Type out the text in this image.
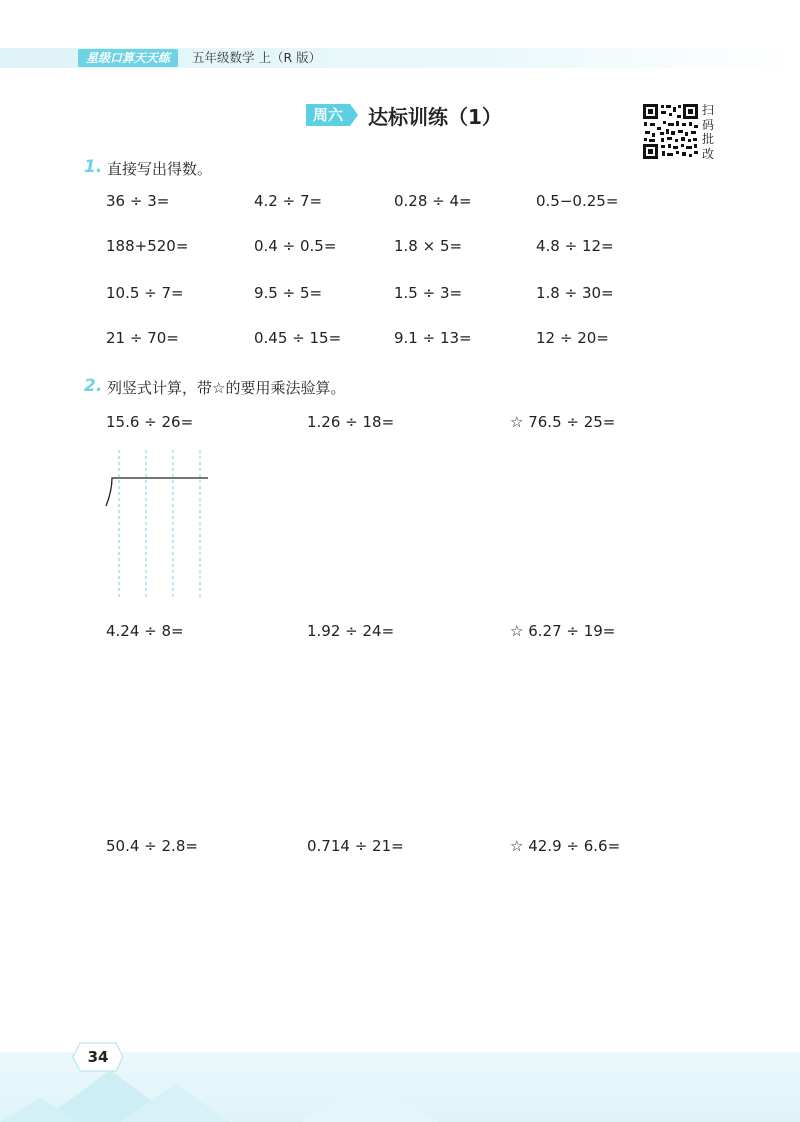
星级口算天天练	五年级数学 上（R 版）
周六	达标训练（1）	扫码批改
1. 直接写出得数。
36 ÷ 3=	4.2 ÷ 7=	0.28 ÷ 4=	0.5−0.25=
188+520=	0.4 ÷ 0.5=	1.8 × 5=	4.8 ÷ 12=
10.5 ÷ 7=	9.5 ÷ 5=	1.5 ÷ 3=	1.8 ÷ 30=
21 ÷ 70=	0.45 ÷ 15=	9.1 ÷ 13=	12 ÷ 20=
2. 列竖式计算，带☆的要用乘法验算。
15.6 ÷ 26=	1.26 ÷ 18=	☆ 76.5 ÷ 25=
4.24 ÷ 8=	1.92 ÷ 24=	☆ 6.27 ÷ 19=
50.4 ÷ 2.8=	0.714 ÷ 21=	☆ 42.9 ÷ 6.6=
34
